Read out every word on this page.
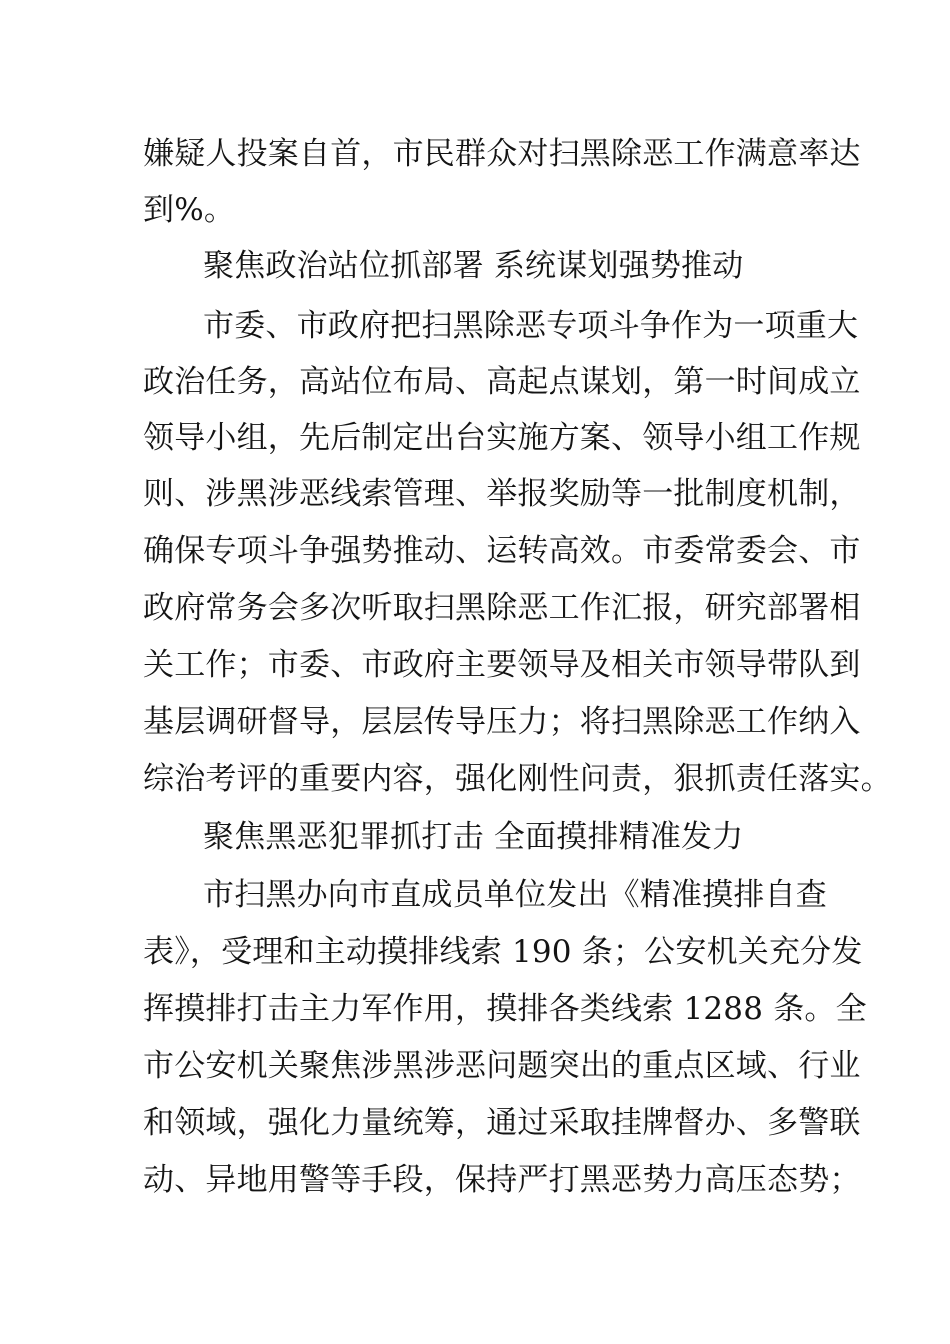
嫌疑人投案自首，市民群众对扫黑除恶工作满意率达
到%。
聚焦政治站位抓部署 系统谋划强势推动
市委、市政府把扫黑除恶专项斗争作为一项重大
政治任务，高站位布局、高起点谋划，第一时间成立
领导小组，先后制定出台实施方案、领导小组工作规
则、涉黑涉恶线索管理、举报奖励等一批制度机制，
确保专项斗争强势推动、运转高效。市委常委会、市
政府常务会多次听取扫黑除恶工作汇报，研究部署相
关工作；市委、市政府主要领导及相关市领导带队到
基层调研督导，层层传导压力；将扫黑除恶工作纳入
综治考评的重要内容，强化刚性问责，狠抓责任落实。
聚焦黑恶犯罪抓打击 全面摸排精准发力
市扫黑办向市直成员单位发出《精准摸排自查
表》，受理和主动摸排线索 190 条；公安机关充分发
挥摸排打击主力军作用，摸排各类线索 1288 条。全
市公安机关聚焦涉黑涉恶问题突出的重点区域、行业
和领域，强化力量统筹，通过采取挂牌督办、多警联
动、异地用警等手段，保持严打黑恶势力高压态势；
